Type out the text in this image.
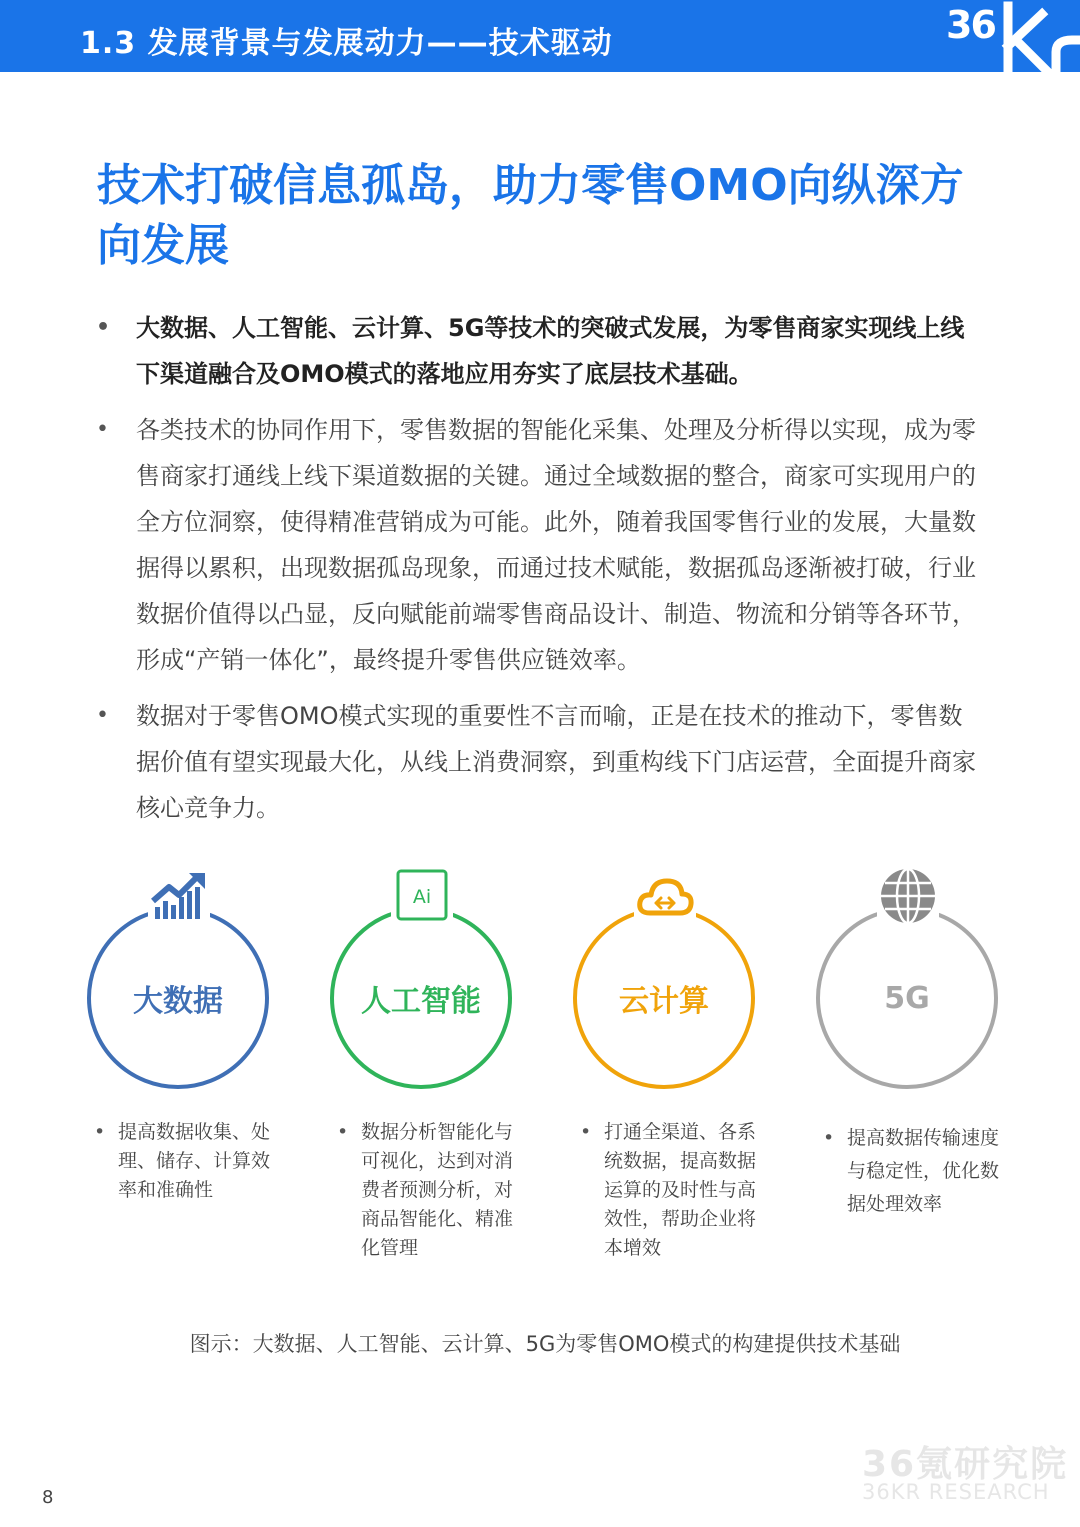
1.3 发展背景与发展动力——技术驱动	36
技术打破信息孤岛，助力零售OMO向纵深方向发展
• 大数据、人工智能、云计算、5G等技术的突破式发展，为零售商家实现线上线下渠道融合及OMO模式的落地应用夯实了底层技术基础。
• 各类技术的协同作用下，零售数据的智能化采集、处理及分析得以实现，成为零售商家打通线上线下渠道数据的关键。通过全域数据的整合，商家可实现用户的全方位洞察，使得精准营销成为可能。此外，随着我国零售行业的发展，大量数据得以累积，出现数据孤岛现象，而通过技术赋能，数据孤岛逐渐被打破，行业数据价值得以凸显，反向赋能前端零售商品设计、制造、物流和分销等各环节，形成“产销一体化”，最终提升零售供应链效率。
• 数据对于零售OMO模式实现的重要性不言而喻，正是在技术的推动下，零售数据价值有望实现最大化，从线上消费洞察，到重构线下门店运营，全面提升商家核心竞争力。
大数据
• 提高数据收集、处理、储存、计算效率和准确性
人工智能
Ai
• 数据分析智能化与可视化，达到对消费者预测分析，对商品智能化、精准化管理
云计算
• 打通全渠道、各系统数据，提高数据运算的及时性与高效性，帮助企业将本增效
5G
• 提高数据传输速度与稳定性，优化数据处理效率
图示：大数据、人工智能、云计算、5G为零售OMO模式的构建提供技术基础
36氪研究院
36KR RESEARCH
8
